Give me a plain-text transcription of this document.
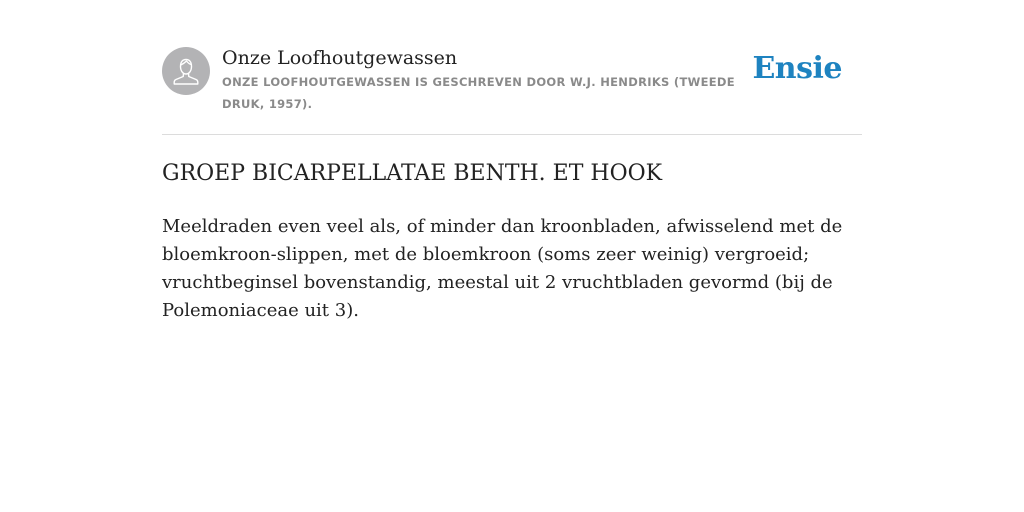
Onze Loofhoutgewassen
ONZE LOOFHOUTGEWASSEN IS GESCHREVEN DOOR W.J. HENDRIKS (TWEEDE DRUK, 1957).
Ensie
GROEP BICARPELLATAE BENTH. ET HOOK

Meeldraden even veel als, of minder dan kroonbladen, afwisselend met de bloemkroon-slippen, met de bloemkroon (soms zeer weinig) vergroeid; vruchtbeginsel bovenstandig, meestal uit 2 vruchtbladen gevormd (bij de Polemoniaceae uit 3).
